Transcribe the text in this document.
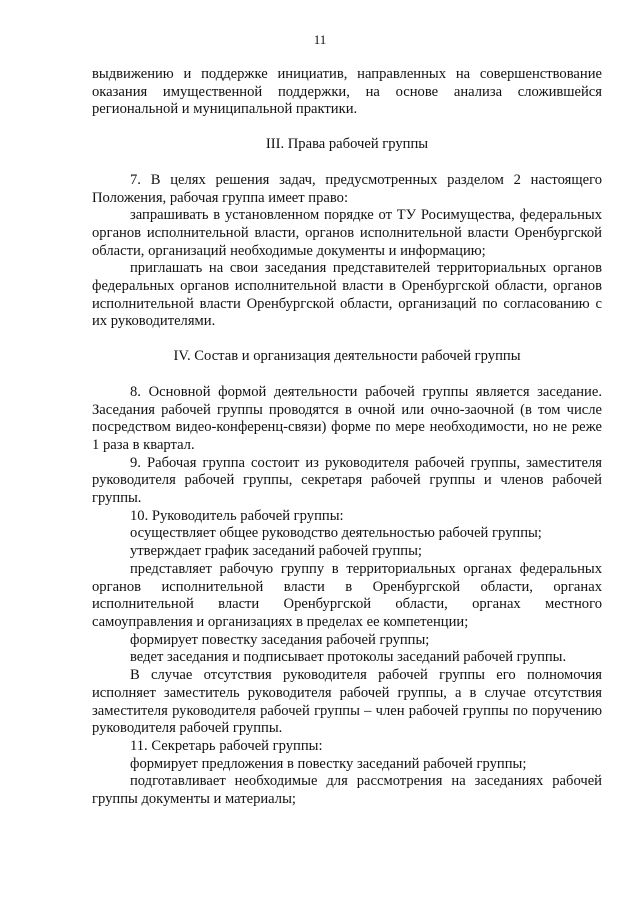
11

выдвижению и поддержке инициатив, направленных на совершенствование оказания имущественной поддержки, на основе анализа сложившейся региональной и муниципальной практики.

III. Права рабочей группы

7. В целях решения задач, предусмотренных разделом 2 настоящего Положения, рабочая группа имеет право:

запрашивать в установленном порядке от ТУ Росимущества, федеральных органов исполнительной власти, органов исполнительной власти Оренбургской области, организаций необходимые документы и информацию;

приглашать на свои заседания представителей территориальных органов федеральных органов исполнительной власти в Оренбургской области, органов исполнительной власти Оренбургской области, организаций по согласованию с их руководителями.

IV. Состав и организация деятельности рабочей группы

8. Основной формой деятельности рабочей группы является заседание. Заседания рабочей группы проводятся в очной или очно-заочной (в том числе посредством видео-конференц-связи) форме по мере необходимости, но не реже 1 раза в квартал.

9. Рабочая группа состоит из руководителя рабочей группы, заместителя руководителя рабочей группы, секретаря рабочей группы и членов рабочей группы.

10. Руководитель рабочей группы:

осуществляет общее руководство деятельностью рабочей группы;

утверждает график заседаний рабочей группы;

представляет рабочую группу в территориальных органах федеральных органов исполнительной власти в Оренбургской области, органах исполнительной власти Оренбургской области, органах местного самоуправления и организациях в пределах ее компетенции;

формирует повестку заседания рабочей группы;

ведет заседания и подписывает протоколы заседаний рабочей группы.

В случае отсутствия руководителя рабочей группы его полномочия исполняет заместитель руководителя рабочей группы, а в случае отсутствия заместителя руководителя рабочей группы – член рабочей группы по поручению руководителя рабочей группы.

11. Секретарь рабочей группы:

формирует предложения в повестку заседаний рабочей группы;

подготавливает необходимые для рассмотрения на заседаниях рабочей группы документы и материалы;
